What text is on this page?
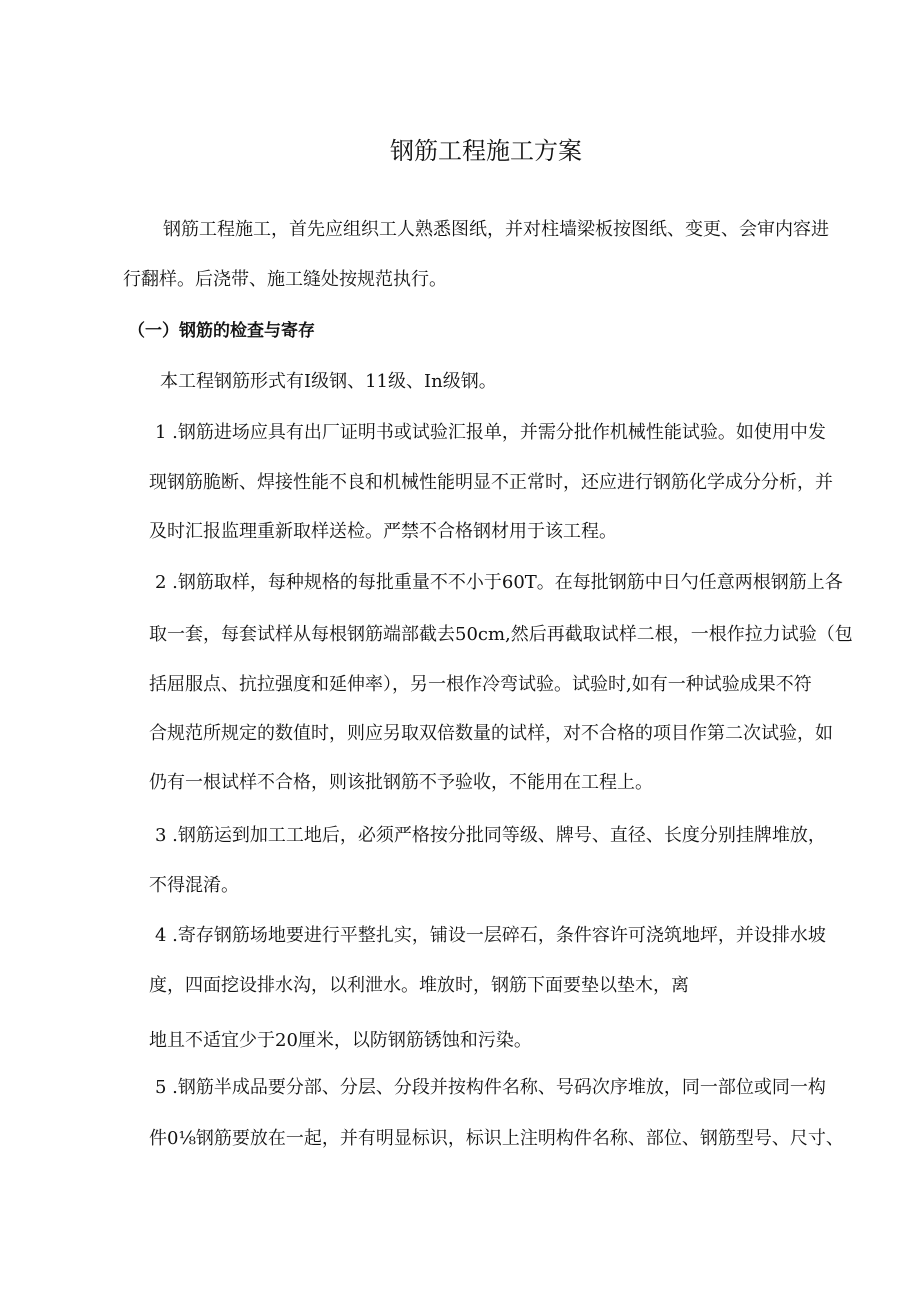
钢筋工程施工方案
钢筋工程施工，首先应组织工人熟悉图纸，并对柱墙梁板按图纸、变更、会审内容进
行翻样。后浇带、施工缝处按规范执行。
（一）钢筋的检查与寄存
本工程钢筋形式有I级钢、11级、In级钢。
1 .钢筋进场应具有出厂证明书或试验汇报单，并需分批作机械性能试验。如使用中发
现钢筋脆断、焊接性能不良和机械性能明显不正常时，还应进行钢筋化学成分分析，并
及时汇报监理重新取样送检。严禁不合格钢材用于该工程。
2 .钢筋取样，每种规格的每批重量不不小于60T。在每批钢筋中日勺任意两根钢筋上各
取一套，每套试样从每根钢筋端部截去50cm,然后再截取试样二根，一根作拉力试验（包
括屈服点、抗拉强度和延伸率），另一根作冷弯试验。试验时,如有一种试验成果不符
合规范所规定的数值时，则应另取双倍数量的试样，对不合格的项目作第二次试验，如
仍有一根试样不合格，则该批钢筋不予验收，不能用在工程上。
3 .钢筋运到加工工地后，必须严格按分批同等级、牌号、直径、长度分别挂牌堆放，
不得混淆。
4 .寄存钢筋场地要进行平整扎实，铺设一层碎石，条件容许可浇筑地坪，并设排水坡
度，四面挖设排水沟，以利泄水。堆放时，钢筋下面要垫以垫木，离
地且不适宜少于20厘米，以防钢筋锈蚀和污染。
5 .钢筋半成品要分部、分层、分段并按构件名称、号码次序堆放，同一部位或同一构
件0⅛钢筋要放在一起，并有明显标识，标识上注明构件名称、部位、钢筋型号、尺寸、
